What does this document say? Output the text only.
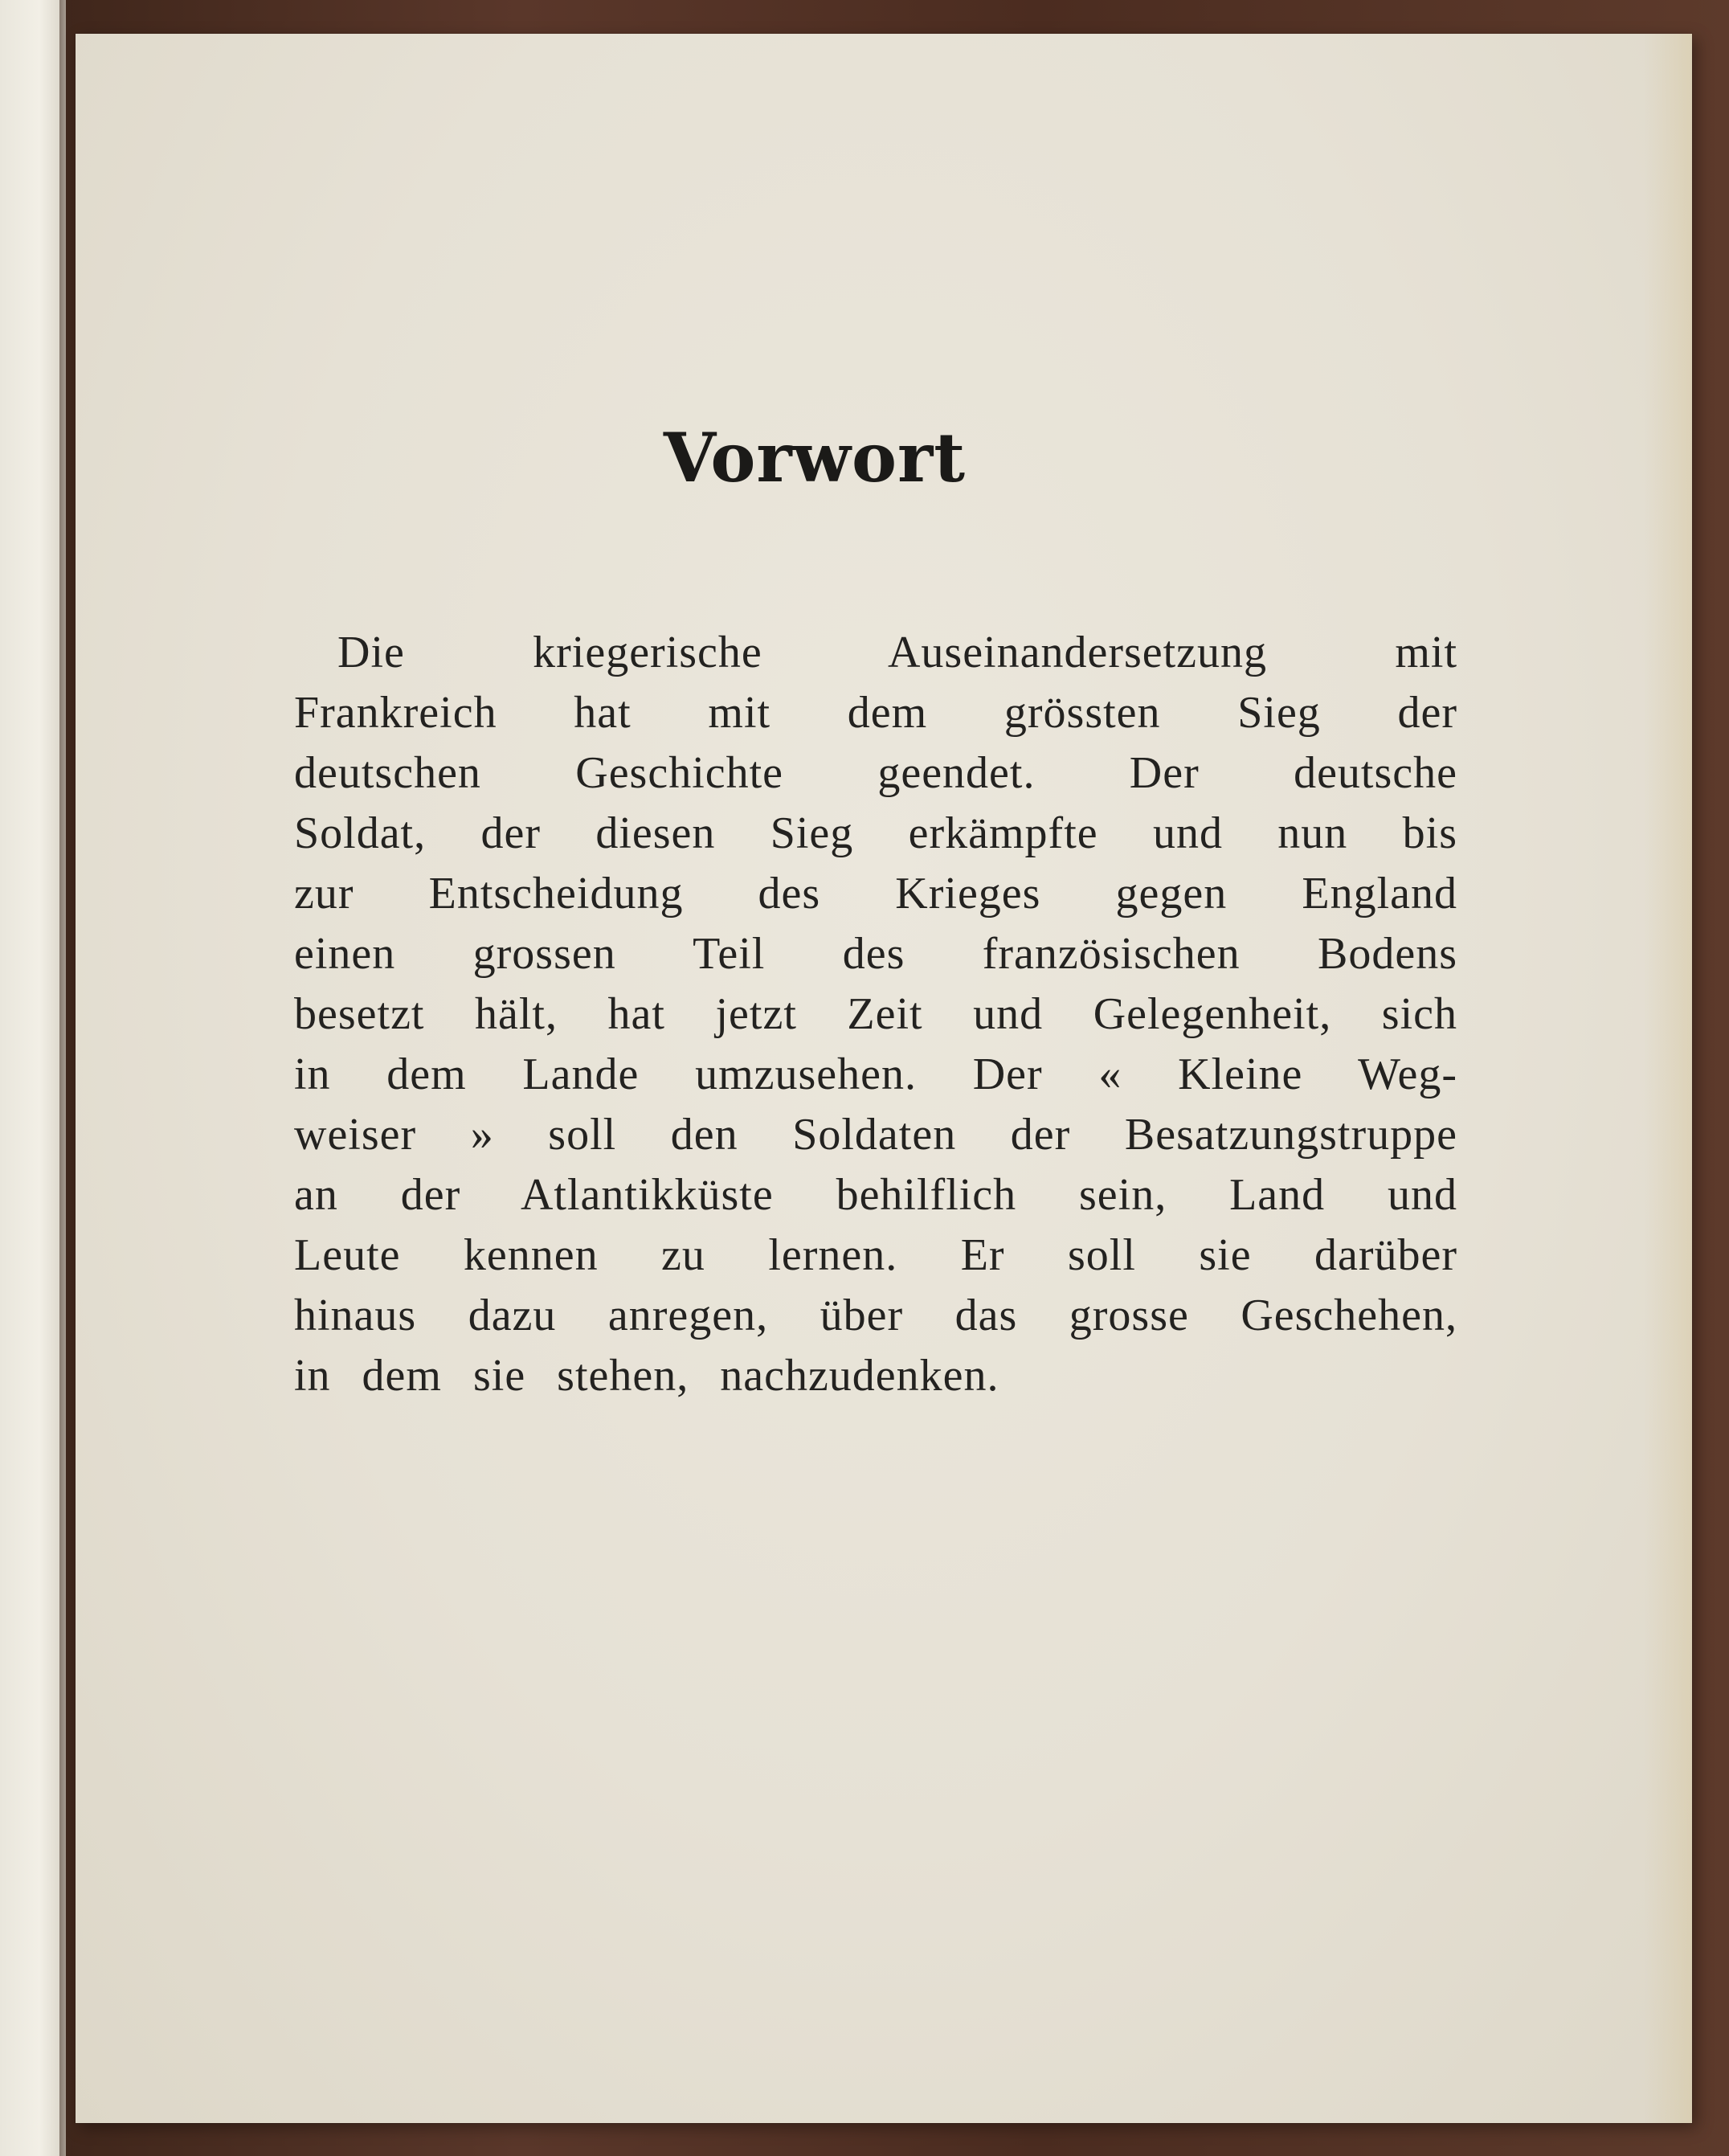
Vorwort
Die kriegerische Auseinandersetzung mit
Frankreich hat mit dem grössten Sieg der
deutschen Geschichte geendet. Der deutsche
Soldat, der diesen Sieg erkämpfte und nun bis
zur Entscheidung des Krieges gegen England
einen grossen Teil des französischen Bodens
besetzt hält, hat jetzt Zeit und Gelegenheit, sich
in dem Lande umzusehen. Der « Kleine Weg-
weiser » soll den Soldaten der Besatzungstruppe
an der Atlantikküste behilflich sein, Land und
Leute kennen zu lernen. Er soll sie darüber
hinaus dazu anregen, über das grosse Geschehen,
in dem sie stehen, nachzudenken.
